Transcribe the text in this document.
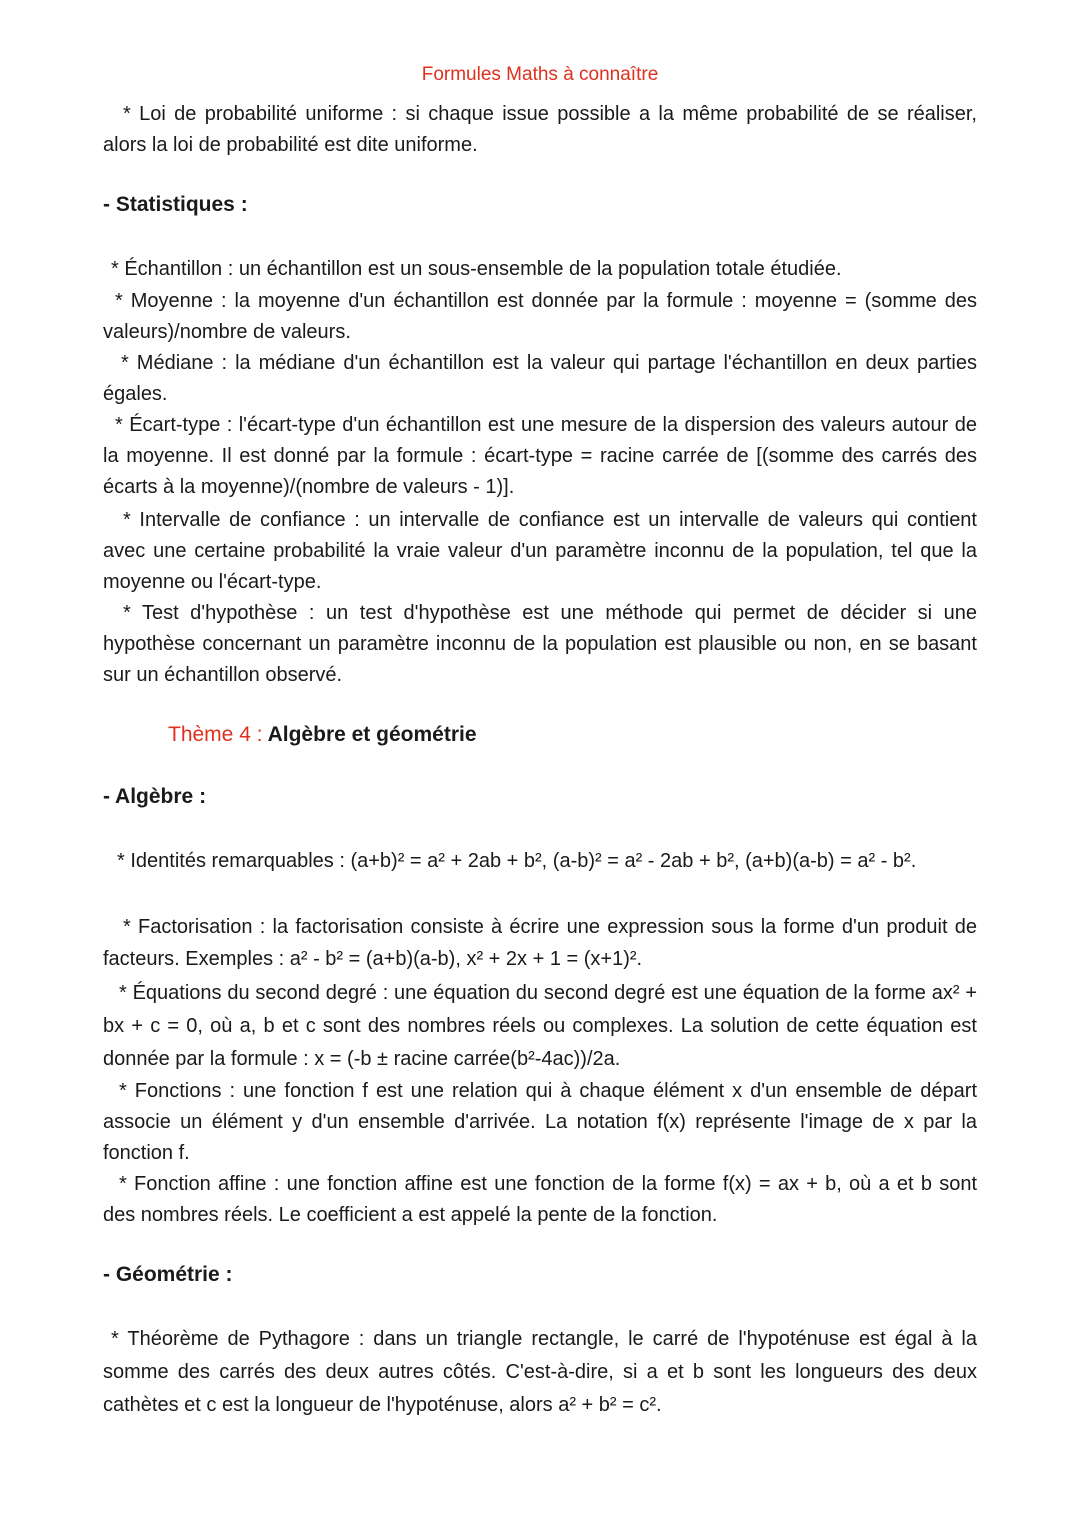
Formules Maths à connaître

* Loi de probabilité uniforme : si chaque issue possible a la même probabilité de se réaliser, alors la loi de probabilité est dite uniforme.

- Statistiques :

* Échantillon : un échantillon est un sous-ensemble de la population totale étudiée.

* Moyenne : la moyenne d'un échantillon est donnée par la formule : moyenne = (somme des valeurs)/nombre de valeurs.

* Médiane : la médiane d'un échantillon est la valeur qui partage l'échantillon en deux parties égales.

* Écart-type : l'écart-type d'un échantillon est une mesure de la dispersion des valeurs autour de la moyenne. Il est donné par la formule : écart-type = racine carrée de [(somme des carrés des écarts à la moyenne)/(nombre de valeurs - 1)].

* Intervalle de confiance : un intervalle de confiance est un intervalle de valeurs qui contient avec une certaine probabilité la vraie valeur d'un paramètre inconnu de la population, tel que la moyenne ou l'écart-type.

* Test d'hypothèse : un test d'hypothèse est une méthode qui permet de décider si une hypothèse concernant un paramètre inconnu de la population est plausible ou non, en se basant sur un échantillon observé.

Thème 4 : Algèbre et géométrie
- Algèbre :

* Identités remarquables : (a+b)² = a² + 2ab + b², (a-b)² = a² - 2ab + b², (a+b)(a-b) = a² - b².

* Factorisation : la factorisation consiste à écrire une expression sous la forme d'un produit de facteurs. Exemples : a² - b² = (a+b)(a-b), x² + 2x + 1 = (x+1)².

* Équations du second degré : une équation du second degré est une équation de la forme ax² + bx + c = 0, où a, b et c sont des nombres réels ou complexes. La solution de cette équation est donnée par la formule : x = (-b ± racine carrée(b²-4ac))/2a.

* Fonctions : une fonction f est une relation qui à chaque élément x d'un ensemble de départ associe un élément y d'un ensemble d'arrivée. La notation f(x) représente l'image de x par la fonction f.

* Fonction affine : une fonction affine est une fonction de la forme f(x) = ax + b, où a et b sont des nombres réels. Le coefficient a est appelé la pente de la fonction.

- Géométrie :

* Théorème de Pythagore : dans un triangle rectangle, le carré de l'hypoténuse est égal à la somme des carrés des deux autres côtés. C'est-à-dire, si a et b sont les longueurs des deux cathètes et c est la longueur de l'hypoténuse, alors a² + b² = c².
